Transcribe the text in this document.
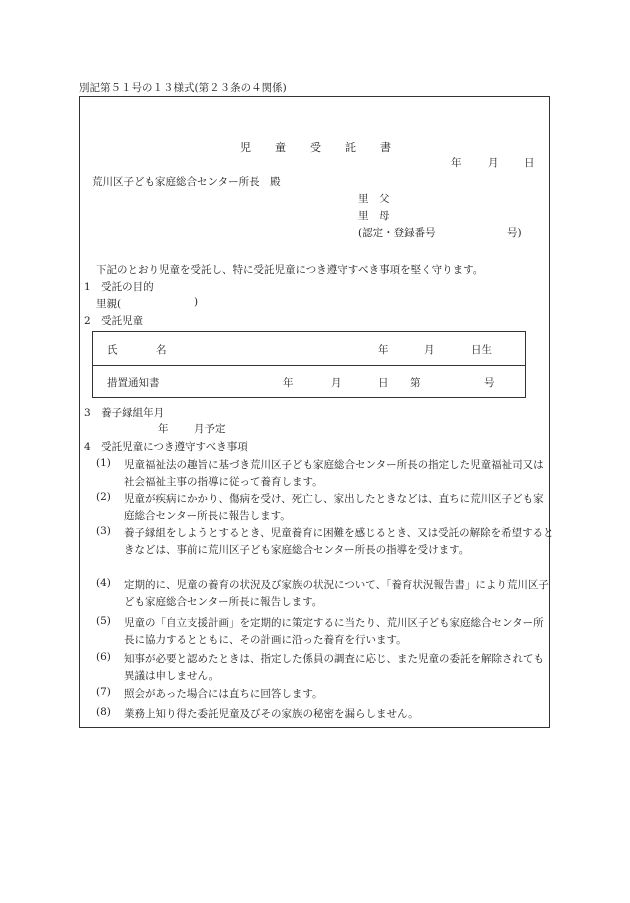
別記第５１号の１３様式(第２３条の４関係)
児 童 受 託 書
年	月 日
荒川区子ども家庭総合センター所長　殿
里　父
里　母
(認定・登録番号	号)
下記のとおり児童を受託し、特に受託児童につき遵守すべき事項を堅く守ります。
1　受託の目的
里親(	)
2　受託児童
氏	名	年	月	日生
措置通知書	年	月	日 第	号
3　養子縁組年月
年 月予定
4　受託児童につき遵守すべき事項
(1) 児童福祉法の趣旨に基づき荒川区子ども家庭総合センター所長の指定した児童福祉司又は社会福祉主事の指導に従って養育します。
(2) 児童が疾病にかかり、傷病を受け、死亡し、家出したときなどは、直ちに荒川区子ども家庭総合センター所長に報告します。
(3) 養子縁組をしようとするとき、児童養育に困難を感じるとき、又は受託の解除を希望するときなどは、事前に荒川区子ども家庭総合センター所長の指導を受けます。
(4) 定期的に、児童の養育の状況及び家族の状況について、「養育状況報告書」により荒川区子ども家庭総合センター所長に報告します。
(5) 児童の「自立支援計画」を定期的に策定するに当たり、荒川区子ども家庭総合センター所長に協力するとともに、その計画に沿った養育を行います。
(6) 知事が必要と認めたときは、指定した係員の調査に応じ、また児童の委託を解除されても異議は申しません。
(7) 照会があった場合には直ちに回答します。
(8) 業務上知り得た委託児童及びその家族の秘密を漏らしません。
